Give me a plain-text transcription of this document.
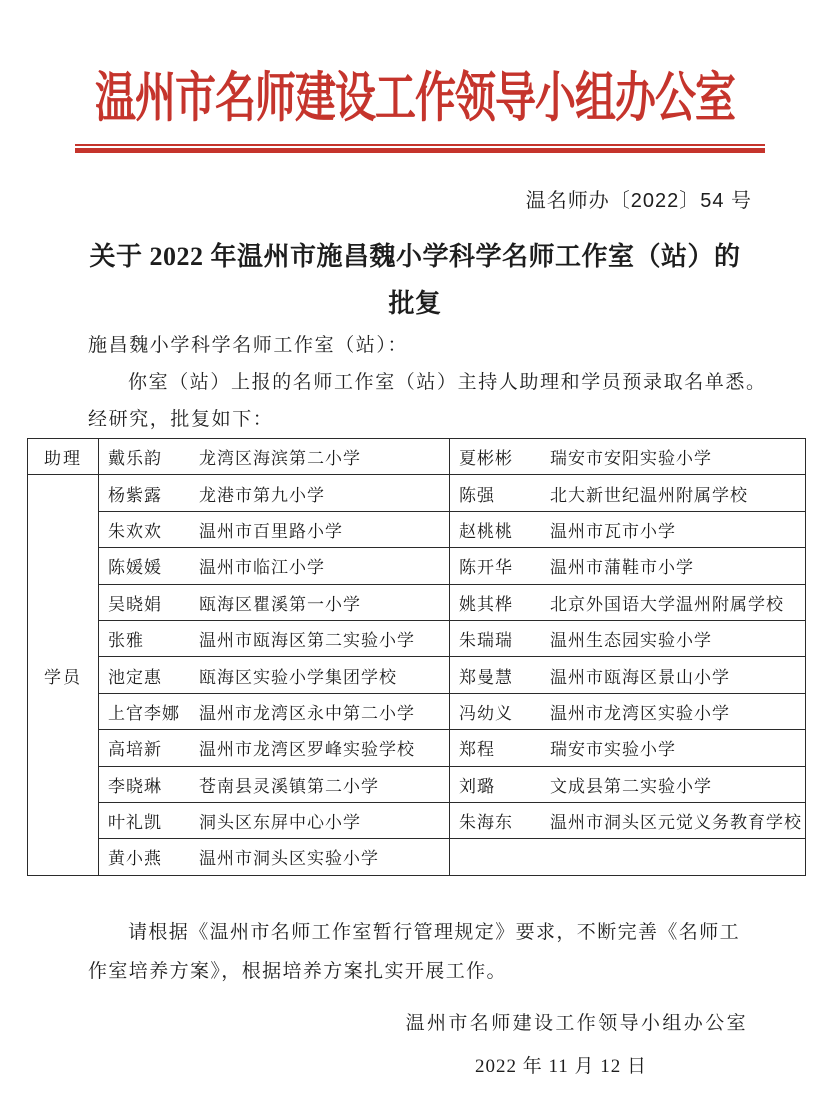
温州市名师建设工作领导小组办公室
温名师办〔2022〕54 号
关于 2022 年温州市施昌魏小学科学名师工作室（站）的
批复
施昌魏小学科学名师工作室（站）：
你室（站）上报的名师工作室（站）主持人助理和学员预录取名单悉。
经研究，批复如下：
助理	戴乐韵 龙湾区海滨第二小学	夏彬彬 瑞安市安阳实验小学
学员	杨紫露 龙港市第九小学	陈强 北大新世纪温州附属学校
	朱欢欢 温州市百里路小学	赵桃桃 温州市瓦市小学
	陈媛媛 温州市临江小学	陈开华 温州市蒲鞋市小学
	吴晓娟 瓯海区瞿溪第一小学	姚其桦 北京外国语大学温州附属学校
	张雅 温州市瓯海区第二实验小学	朱瑞瑞 温州生态园实验小学
	池定惠 瓯海区实验小学集团学校	郑曼慧 温州市瓯海区景山小学
	上官李娜 温州市龙湾区永中第二小学	冯幼义 温州市龙湾区实验小学
	高培新 温州市龙湾区罗峰实验学校	郑程 瑞安市实验小学
	李晓琳 苍南县灵溪镇第二小学	刘璐 文成县第二实验小学
	叶礼凯 洞头区东屏中心小学	朱海东 温州市洞头区元觉义务教育学校
	黄小燕 温州市洞头区实验小学	
请根据《温州市名师工作室暂行管理规定》要求，不断完善《名师工
作室培养方案》，根据培养方案扎实开展工作。
温州市名师建设工作领导小组办公室
2022 年 11 月 12 日
